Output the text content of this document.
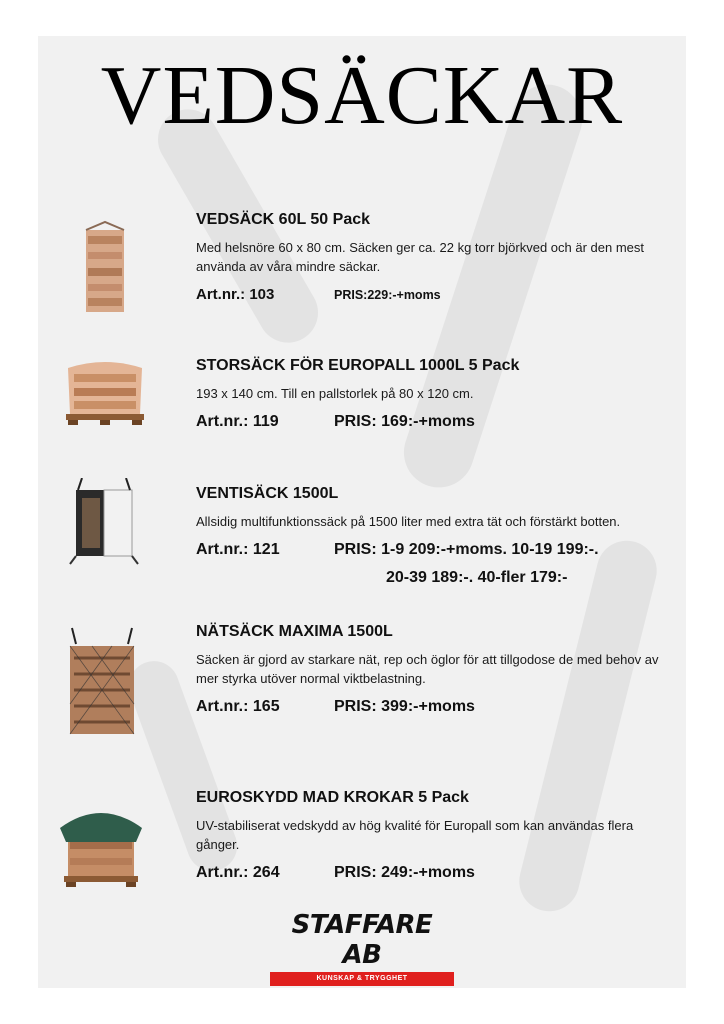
VEDSÄCKAR

VEDSÄCK 60L 50 Pack

Med helsnöre 60 x 80 cm. Säcken ger ca. 22 kg torr björkved och är den mest använda av våra mindre säckar.

Art.nr.: 103	PRIS:229:-+moms

STORSÄCK FÖR EUROPALL 1000L 5 Pack

193 x 140 cm. Till en pallstorlek på 80 x 120 cm.

Art.nr.: 119	PRIS: 169:-+moms

VENTISÄCK 1500L

Allsidig multifunktionssäck på 1500 liter med extra tät och förstärkt botten.

Art.nr.: 121	PRIS: 1-9 209:-+moms. 10-19 199:-.
20-39 189:-. 40-fler 179:-

NÄTSÄCK MAXIMA 1500L

Säcken är gjord av starkare nät, rep och öglor för att tillgodose de med behov av mer styrka utöver normal viktbelastning.

Art.nr.: 165	PRIS: 399:-+moms

EUROSKYDD MAD KROKAR 5 Pack

UV-stabiliserat vedskydd av hög kvalité för Europall som kan användas flera gånger.

Art.nr.: 264	PRIS: 249:-+moms
STAFFARE AB
KUNSKAP & TRYGGHET
